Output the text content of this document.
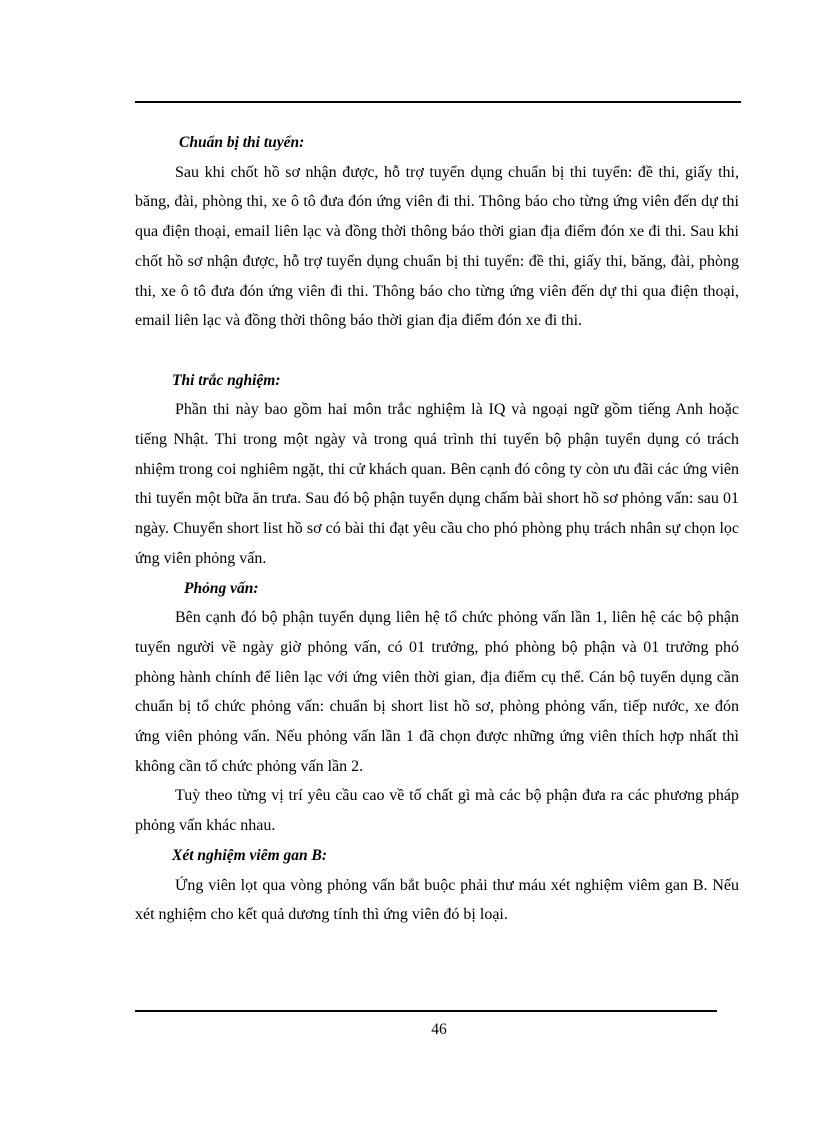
Chuẩn bị thi tuyển:

Sau khi chốt hồ sơ nhận được, hỗ trợ tuyển dụng chuẩn bị thi tuyển: đề thi, giấy thi, băng, đài, phòng thi, xe ô tô đưa đón ứng viên đi thi. Thông báo cho từng ứng viên đến dự thi qua điện thoại, email liên lạc và đồng thời thông báo thời gian địa điểm đón xe đi thi. Sau khi chốt hồ sơ nhận được, hỗ trợ tuyển dụng chuẩn bị thi tuyển: đề thi, giấy thi, băng, đài, phòng thi, xe ô tô đưa đón ứng viên đi thi. Thông báo cho từng ứng viên đến dự thi qua điện thoại, email liên lạc và đồng thời thông báo thời gian địa điểm đón xe đi thi.

Thi trắc nghiệm:

Phần thi này bao gồm hai môn trắc nghiệm là IQ và ngoại ngữ gồm tiếng Anh hoặc tiếng Nhật. Thi trong một ngày và trong quá trình thi tuyển bộ phận tuyển dụng có trách nhiệm trong coi nghiêm ngặt, thi cử khách quan. Bên cạnh đó công ty còn ưu đãi các ứng viên thi tuyển một bữa ăn trưa. Sau đó bộ phận tuyển dụng chấm bài short hồ sơ phỏng vấn: sau 01 ngày. Chuyển short list hồ sơ có bài thi đạt yêu cầu cho phó phòng phụ trách nhân sự chọn lọc ứng viên phỏng vấn.

Phỏng vấn:

Bên cạnh đó bộ phận tuyển dụng liên hệ tổ chức phỏng vấn lần 1, liên hệ các bộ phận tuyển người về ngày giờ phỏng vấn, có 01 trưởng, phó phòng bộ phận và 01 trưởng phó phòng hành chính để liên lạc với ứng viên thời gian, địa điểm cụ thể. Cán bộ tuyển dụng cần chuẩn bị tổ chức phỏng vấn: chuẩn bị short list hồ sơ, phòng phỏng vấn, tiếp nước, xe đón ứng viên phỏng vấn. Nếu phỏng vấn lần 1 đã chọn được những ứng viên thích hợp nhất thì không cần tổ chức phỏng vấn lần 2.

Tuỳ theo từng vị trí yêu cầu cao về tố chất gì mà các bộ phận đưa ra các phương pháp phỏng vấn khác nhau.

Xét nghiệm viêm gan B:

Ứng viên lọt qua vòng phỏng vấn bắt buộc phải thư máu xét nghiệm viêm gan B. Nếu xét nghiệm cho kết quả dương tính thì ứng viên đó bị loại.

46
